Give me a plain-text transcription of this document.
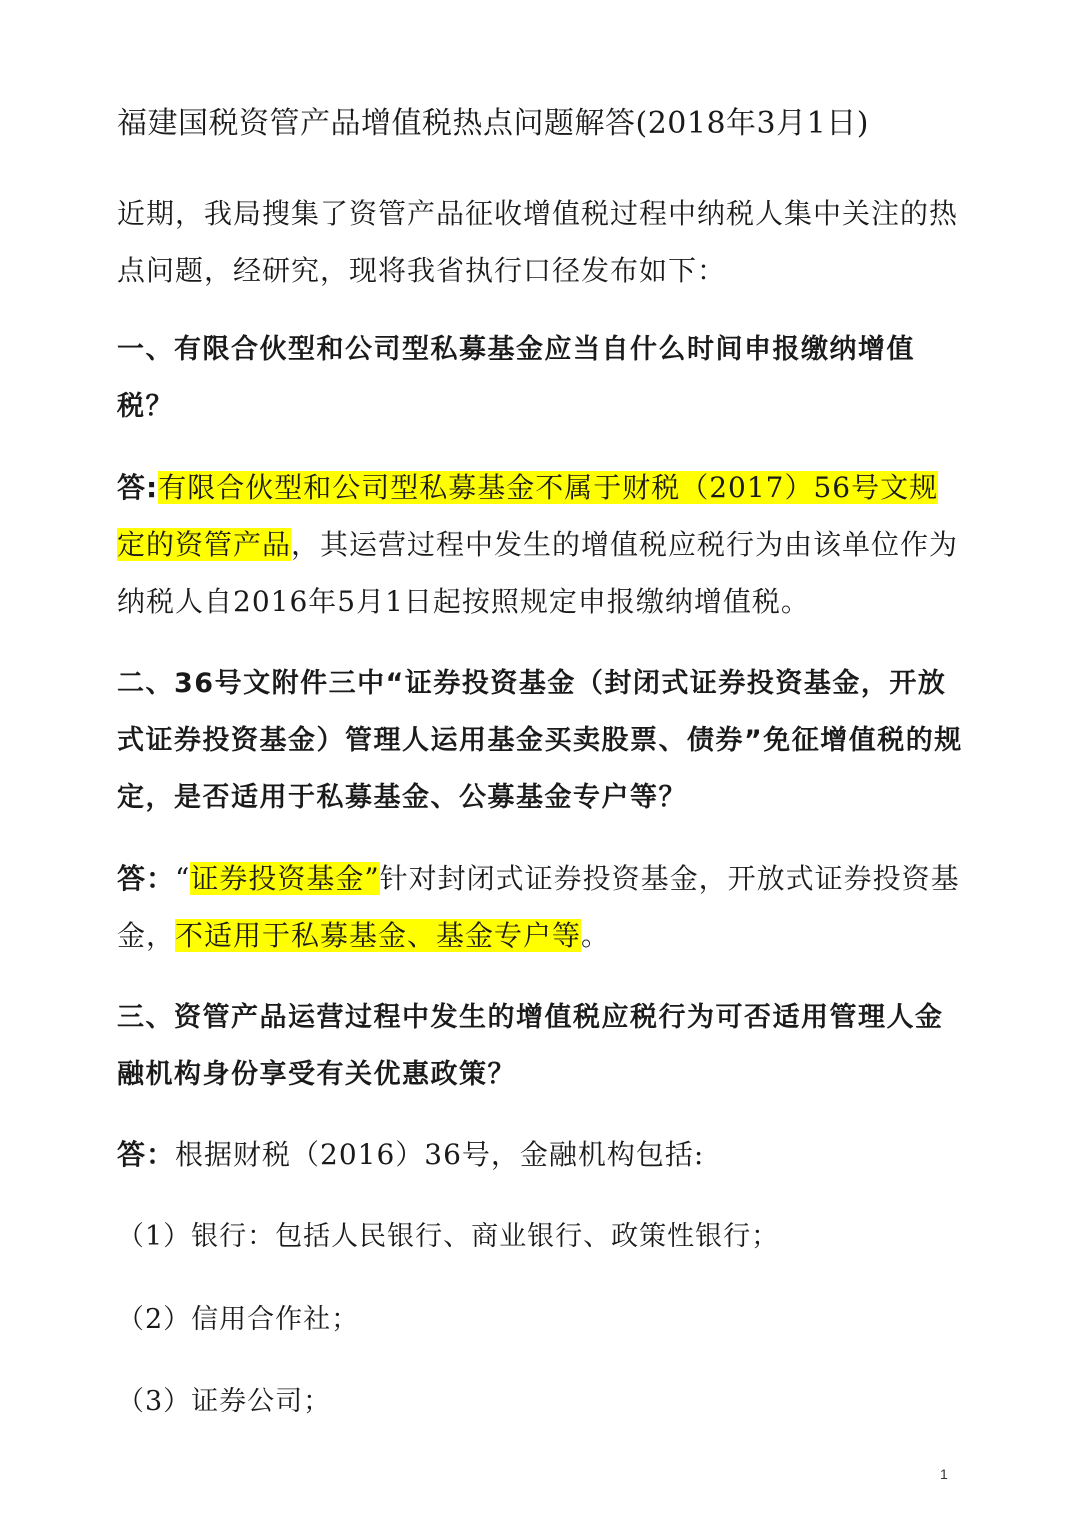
福建国税资管产品增值税热点问题解答(2018年3月1日)

近期，我局搜集了资管产品征收增值税过程中纳税人集中关注的热点问题，经研究，现将我省执行口径发布如下：

一、有限合伙型和公司型私募基金应当自什么时间申报缴纳增值税？

答:有限合伙型和公司型私募基金不属于财税（2017）56号文规定的资管产品，其运营过程中发生的增值税应税行为由该单位作为纳税人自2016年5月1日起按照规定申报缴纳增值税。

二、36号文附件三中“证券投资基金（封闭式证券投资基金，开放式证券投资基金）管理人运用基金买卖股票、债券”免征增值税的规定，是否适用于私募基金、公募基金专户等？

答：“证券投资基金”针对封闭式证券投资基金，开放式证券投资基金，不适用于私募基金、基金专户等。

三、资管产品运营过程中发生的增值税应税行为可否适用管理人金融机构身份享受有关优惠政策？

答：根据财税（2016）36号，金融机构包括:

（1）银行：包括人民银行、商业银行、政策性银行；

（2）信用合作社；

（3）证券公司；

1
